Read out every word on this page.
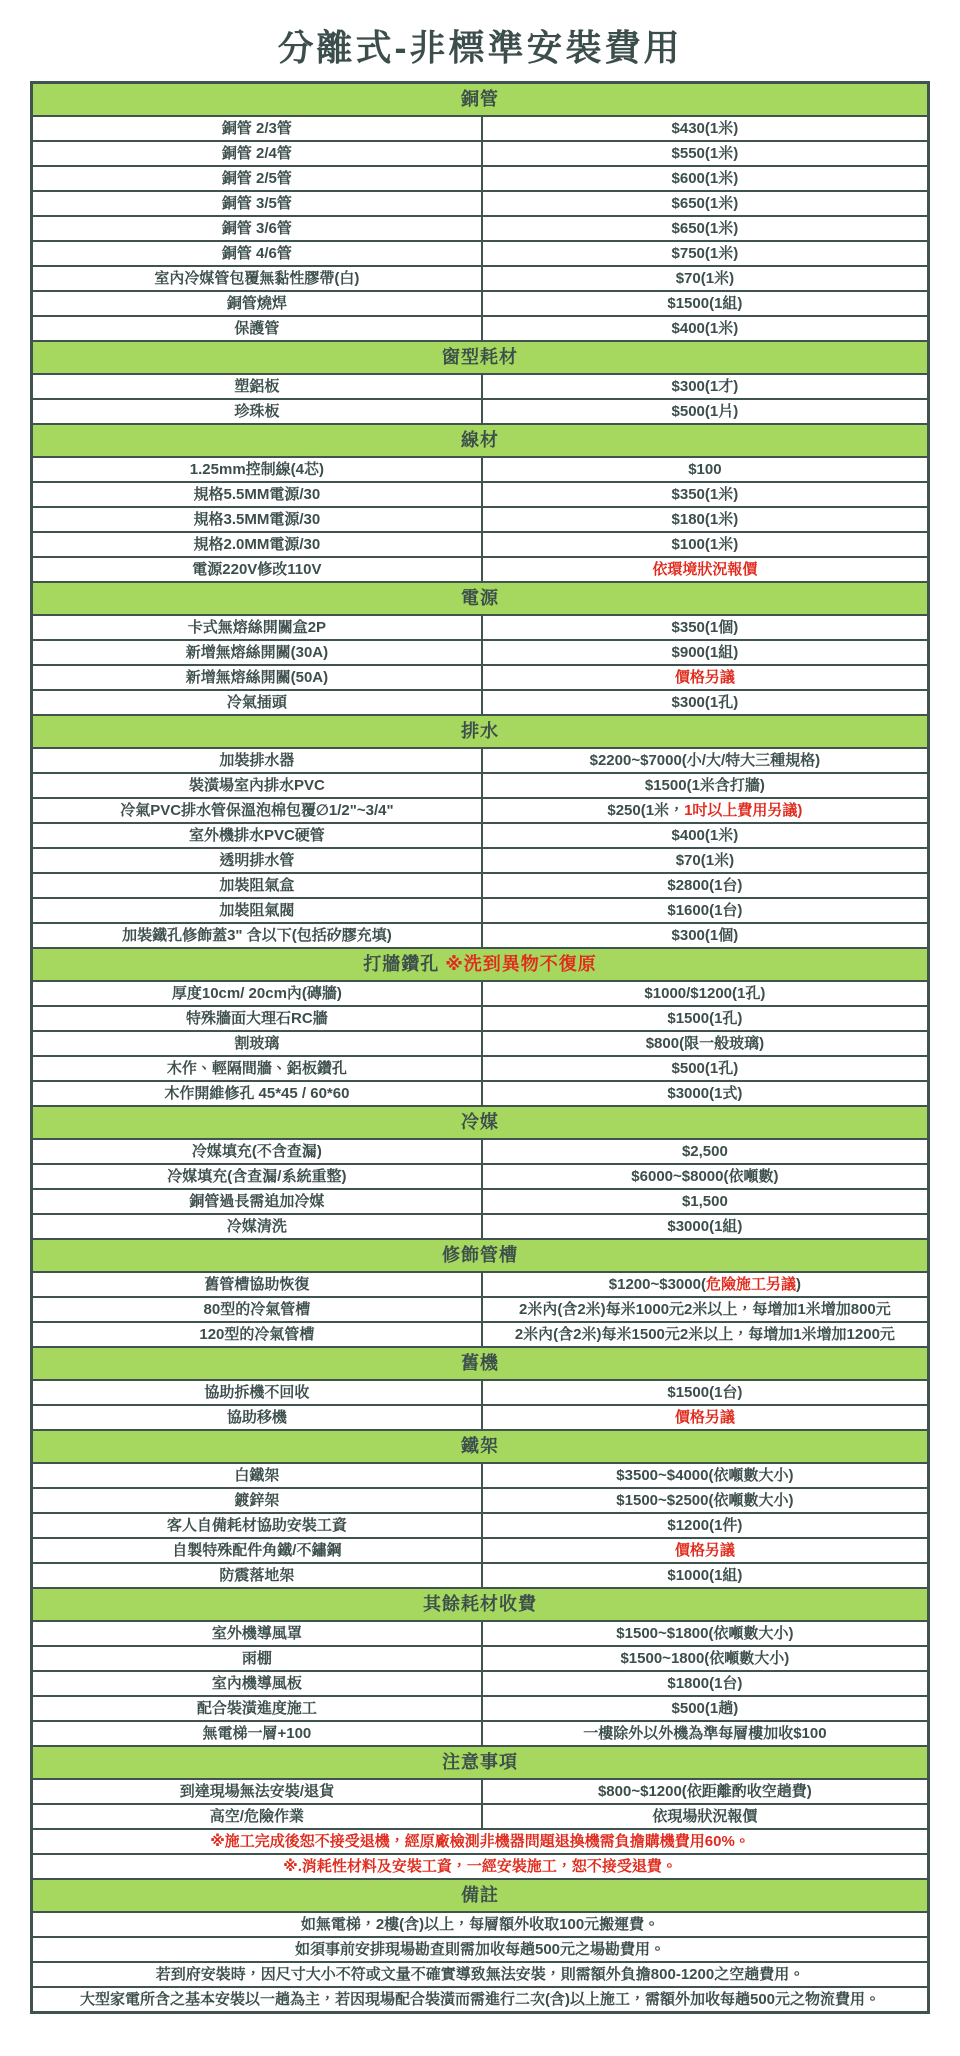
分離式-非標準安裝費用
銅管	
銅管 2/3管	$430(1米)
銅管 2/4管	$550(1米)
銅管 2/5管	$600(1米)
銅管 3/5管	$650(1米)
銅管 3/6管	$650(1米)
銅管 4/6管	$750(1米)
室內冷媒管包覆無黏性膠帶(白)	$70(1米)
銅管燒焊	$1500(1組)
保護管	$400(1米)
窗型耗材	
塑鋁板	$300(1才)
珍珠板	$500(1片)
線材	
1.25mm控制線(4芯)	$100
規格5.5MM電源/30	$350(1米)
規格3.5MM電源/30	$180(1米)
規格2.0MM電源/30	$100(1米)
電源220V修改110V	依環境狀況報價
電源	
卡式無熔絲開關盒2P	$350(1個)
新增無熔絲開關(30A)	$900(1組)
新增無熔絲開關(50A)	價格另議
冷氣插頭	$300(1孔)
排水	
加裝排水器	$2200~$7000(小/大/特大三種規格)
裝潢場室內排水PVC	$1500(1米含打牆)
冷氣PVC排水管保溫泡棉包覆∅1/2"~3/4"	$250(1米，1吋以上費用另議)
室外機排水PVC硬管	$400(1米)
透明排水管	$70(1米)
加裝阻氣盒	$2800(1台)
加裝阻氣閥	$1600(1台)
加裝鐵孔修飾蓋3" 含以下(包括矽膠充填)	$300(1個)
打牆鑽孔 ※洗到異物不復原	
厚度10cm/ 20cm內(磚牆)	$1000/$1200(1孔)
特殊牆面大理石RC牆	$1500(1孔)
割玻璃	$800(限一般玻璃)
木作、輕隔間牆、鋁板鑽孔	$500(1孔)
木作開維修孔 45*45 / 60*60	$3000(1式)
冷媒	
冷媒填充(不含查漏)	$2,500
冷媒填充(含查漏/系統重整)	$6000~$8000(依噸數)
銅管過長需追加冷媒	$1,500
冷媒清洗	$3000(1組)
修飾管槽	
舊管槽協助恢復	$1200~$3000(危險施工另議)
80型的冷氣管槽	2米內(含2米)每米1000元2米以上，每增加1米增加800元
120型的冷氣管槽	2米內(含2米)每米1500元2米以上，每增加1米增加1200元
舊機	
協助拆機不回收	$1500(1台)
協助移機	價格另議
鐵架	
白鐵架	$3500~$4000(依噸數大小)
鍍鋅架	$1500~$2500(依噸數大小)
客人自備耗材協助安裝工資	$1200(1件)
自製特殊配件角鐵/不鏽鋼	價格另議
防震落地架	$1000(1組)
其餘耗材收費	
室外機導風罩	$1500~$1800(依噸數大小)
雨棚	$1500~1800(依噸數大小)
室內機導風板	$1800(1台)
配合裝潢進度施工	$500(1趟)
無電梯一層+100	一樓除外以外機為準每層樓加收$100
注意事項	
到達現場無法安裝/退貨	$800~$1200(依距離酌收空趟費)
高空/危險作業	依現場狀況報價
※施工完成後恕不接受退機，經原廠檢測非機器問題退換機需負擔購機費用60%。	
※.消耗性材料及安裝工資，一經安裝施工，恕不接受退費。	
備註	
如無電梯，2樓(含)以上，每層額外收取100元搬運費。	
如須事前安排現場勘查則需加收每趟500元之場勘費用。	
若到府安裝時，因尺寸大小不符或文量不確實導致無法安裝，則需額外負擔800-1200之空趟費用。	
大型家電所含之基本安裝以一趟為主，若因現場配合裝潢而需進行二次(含)以上施工，需額外加收每趟500元之物流費用。	
